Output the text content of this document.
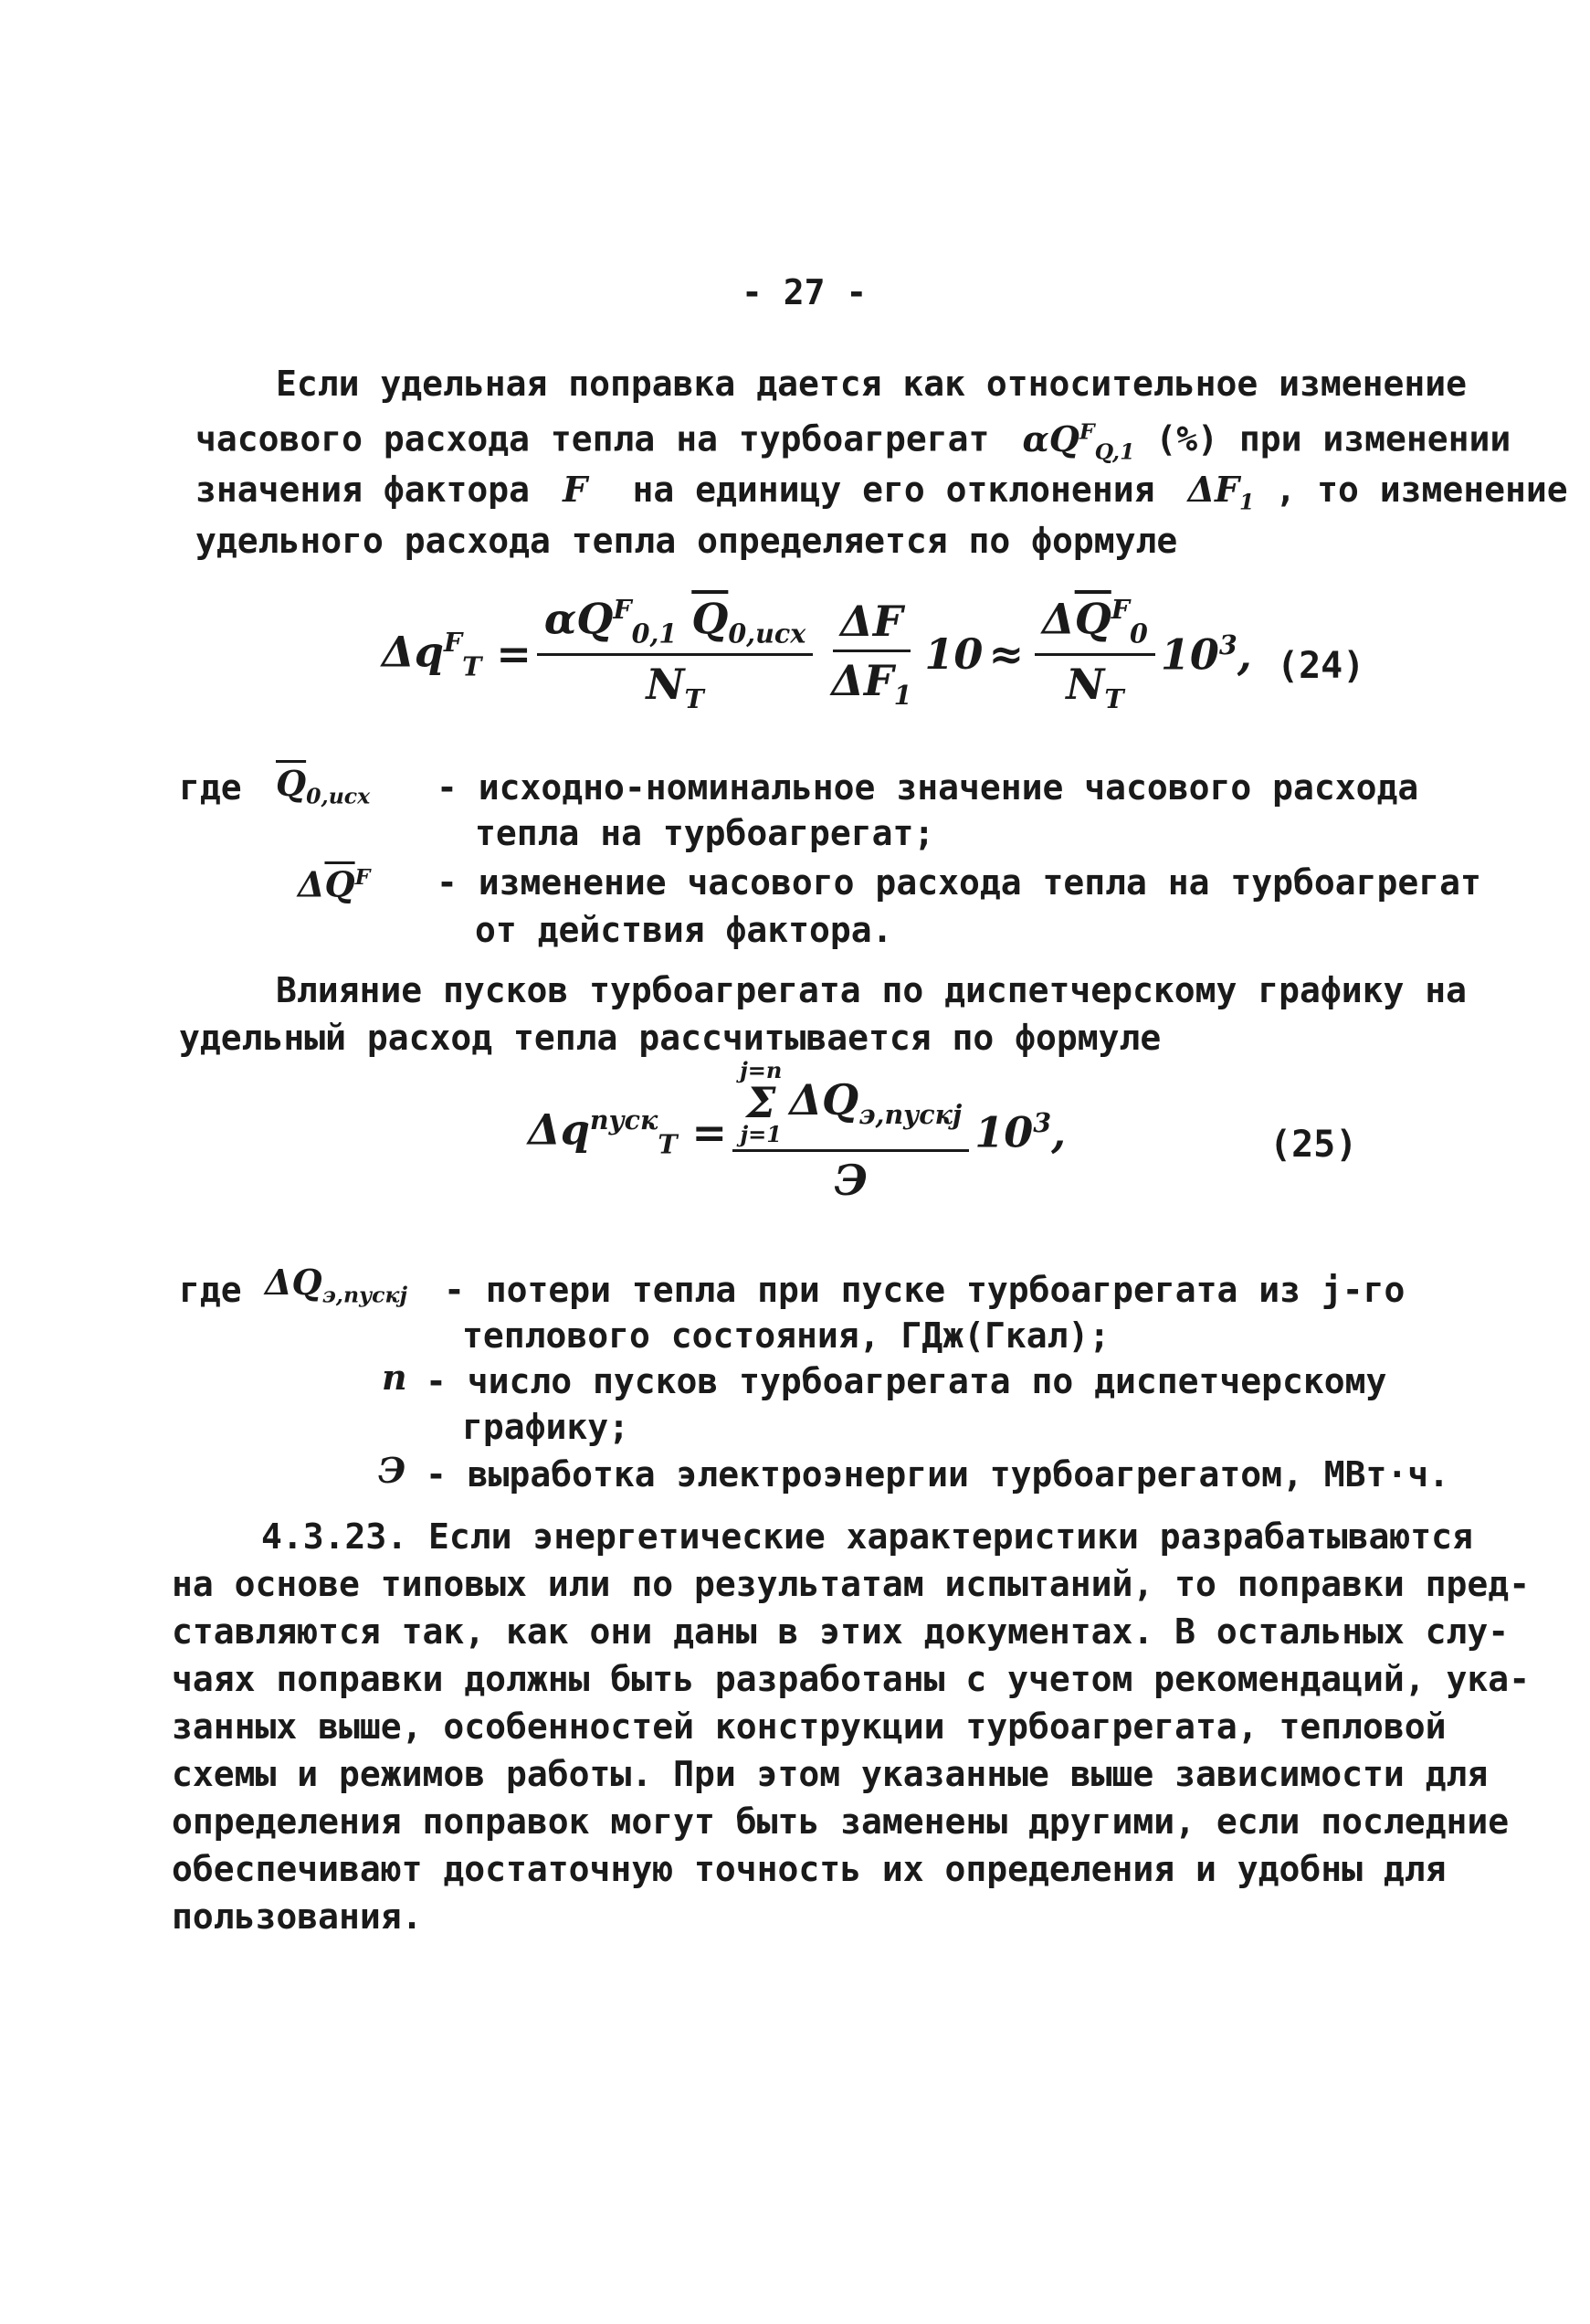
- 27 -
Если удельная поправка дается как относительное изменение
часового расхода тепла на турбоагрегат  $\alpha Q^F_{Q,1}$ (%) при изменении
значения фактора  F   на единицу его отклонения  $\Delta F_1$ , то изменение
удельного расхода тепла определяется по формуле
$\Delta q^F_T = \frac{\alpha Q^F_{0,1} \overline{Q}_{0,исх}}{N_T} \frac{\Delta F}{\Delta F_1} 10 \approx \frac{\Delta\overline{Q}^F_0}{N_T} 10^3$, (24)
где $\overline{Q}_{0,исх}$ - исходно-номинальное значение часового расхода
тепла на турбоагрегат;
$\Delta\overline{Q}^F$ - изменение часового расхода тепла на турбоагрегат
от действия фактора.
Влияние пусков турбоагрегата по диспетчерскому графику на
удельный расход тепла рассчитывается по формуле
$\Delta q^{пуск}_T = j=n$
Σ
j=1
$\Delta Q_{э,пускj}$
Э $10^3$,	(25)
где $\Delta Q_{э,пускj}$ - потери тепла при пуске турбоагрегата из j-го
теплового состояния, ГДж(Гкал);
n - число пусков турбоагрегата по диспетчерскому
графику;
Э - выработка электроэнергии турбоагрегатом, МВт·ч.
4.3.23. Если энергетические характеристики разрабатываются
на основе типовых или по результатам испытаний, то поправки пред-
ставляются так, как они даны в этих документах. В остальных слу-
чаях поправки должны быть разработаны с учетом рекомендаций, ука-
занных выше, особенностей конструкции турбоагрегата, тепловой
схемы и режимов работы. При этом указанные выше зависимости для
определения поправок могут быть заменены другими, если последние
обеспечивают достаточную точность их определения и удобны для
пользования.
